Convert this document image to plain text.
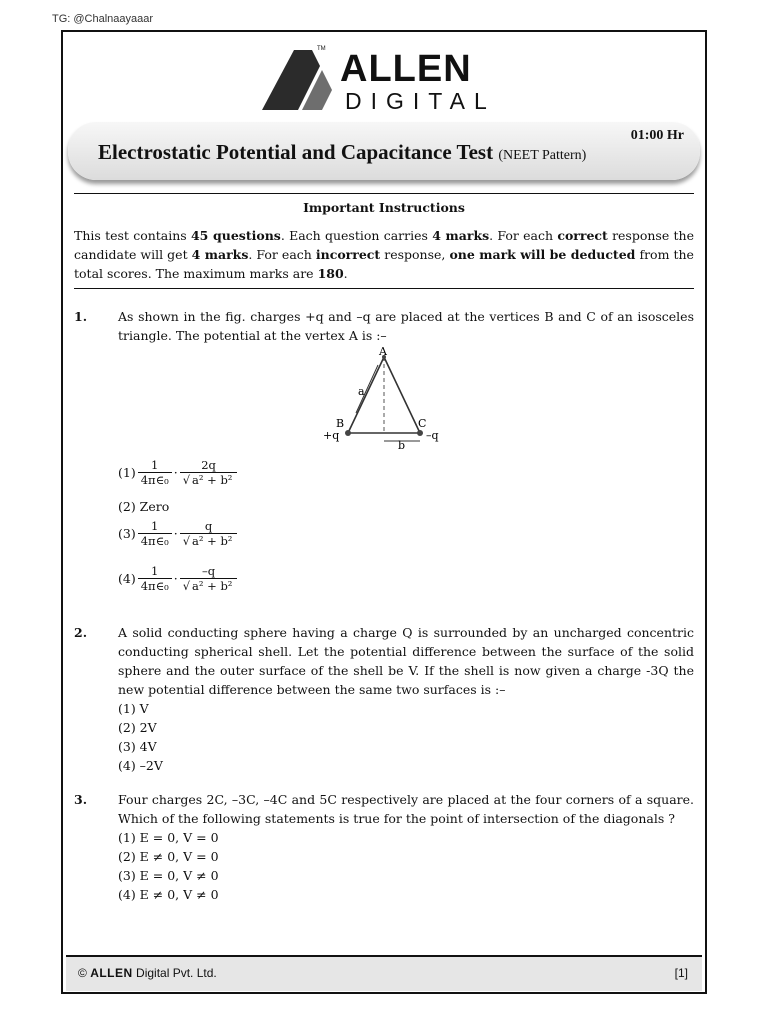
TG: @Chalnaayaaar
TM ALLEN
DIGITAL
01:00 Hr
Electrostatic Potential and Capacitance Test (NEET Pattern)
Important Instructions
This test contains 45 questions. Each question carries 4 marks. For each correct response the candidate will get 4 marks. For each incorrect response, one mark will be deducted from the total scores. The maximum marks are 180.
1. As shown in the fig. charges +q and –q are placed at the vertices B and C of an isosceles triangle. The potential at the vertex A is :–
A
B	C
a
b
+q	–q
$(1) \frac{1}{\text{4π∈₀}} \cdot \frac{2q}{\text{√ a² + b²}}$
(2) Zero
$(3) \frac{1}{\text{4π∈₀}} \cdot \frac{q}{\text{√ a² + b²}}$
$(4) \frac{1}{\text{4π∈₀}} \cdot \frac{-q}{\text{√ a² + b²}}$
2. A solid conducting sphere having a charge Q is surrounded by an uncharged concentric conducting spherical shell. Let the potential difference between the surface of the solid sphere and the outer surface of the shell be V. If the shell is now given a charge -3Q the new potential difference between the same two surfaces is :–
(1) V
(2) 2V
(3) 4V
(4) –2V
3. Four charges 2C, –3C, –4C and 5C respectively are placed at the four corners of a square. Which of the following statements is true for the point of intersection of the diagonals ?
(1) E = 0, V = 0
(2) E ≠ 0, V = 0
(3) E = 0, V ≠ 0
(4) E ≠ 0, V ≠ 0
© ALLEN Digital Pvt. Ltd.	[1]
